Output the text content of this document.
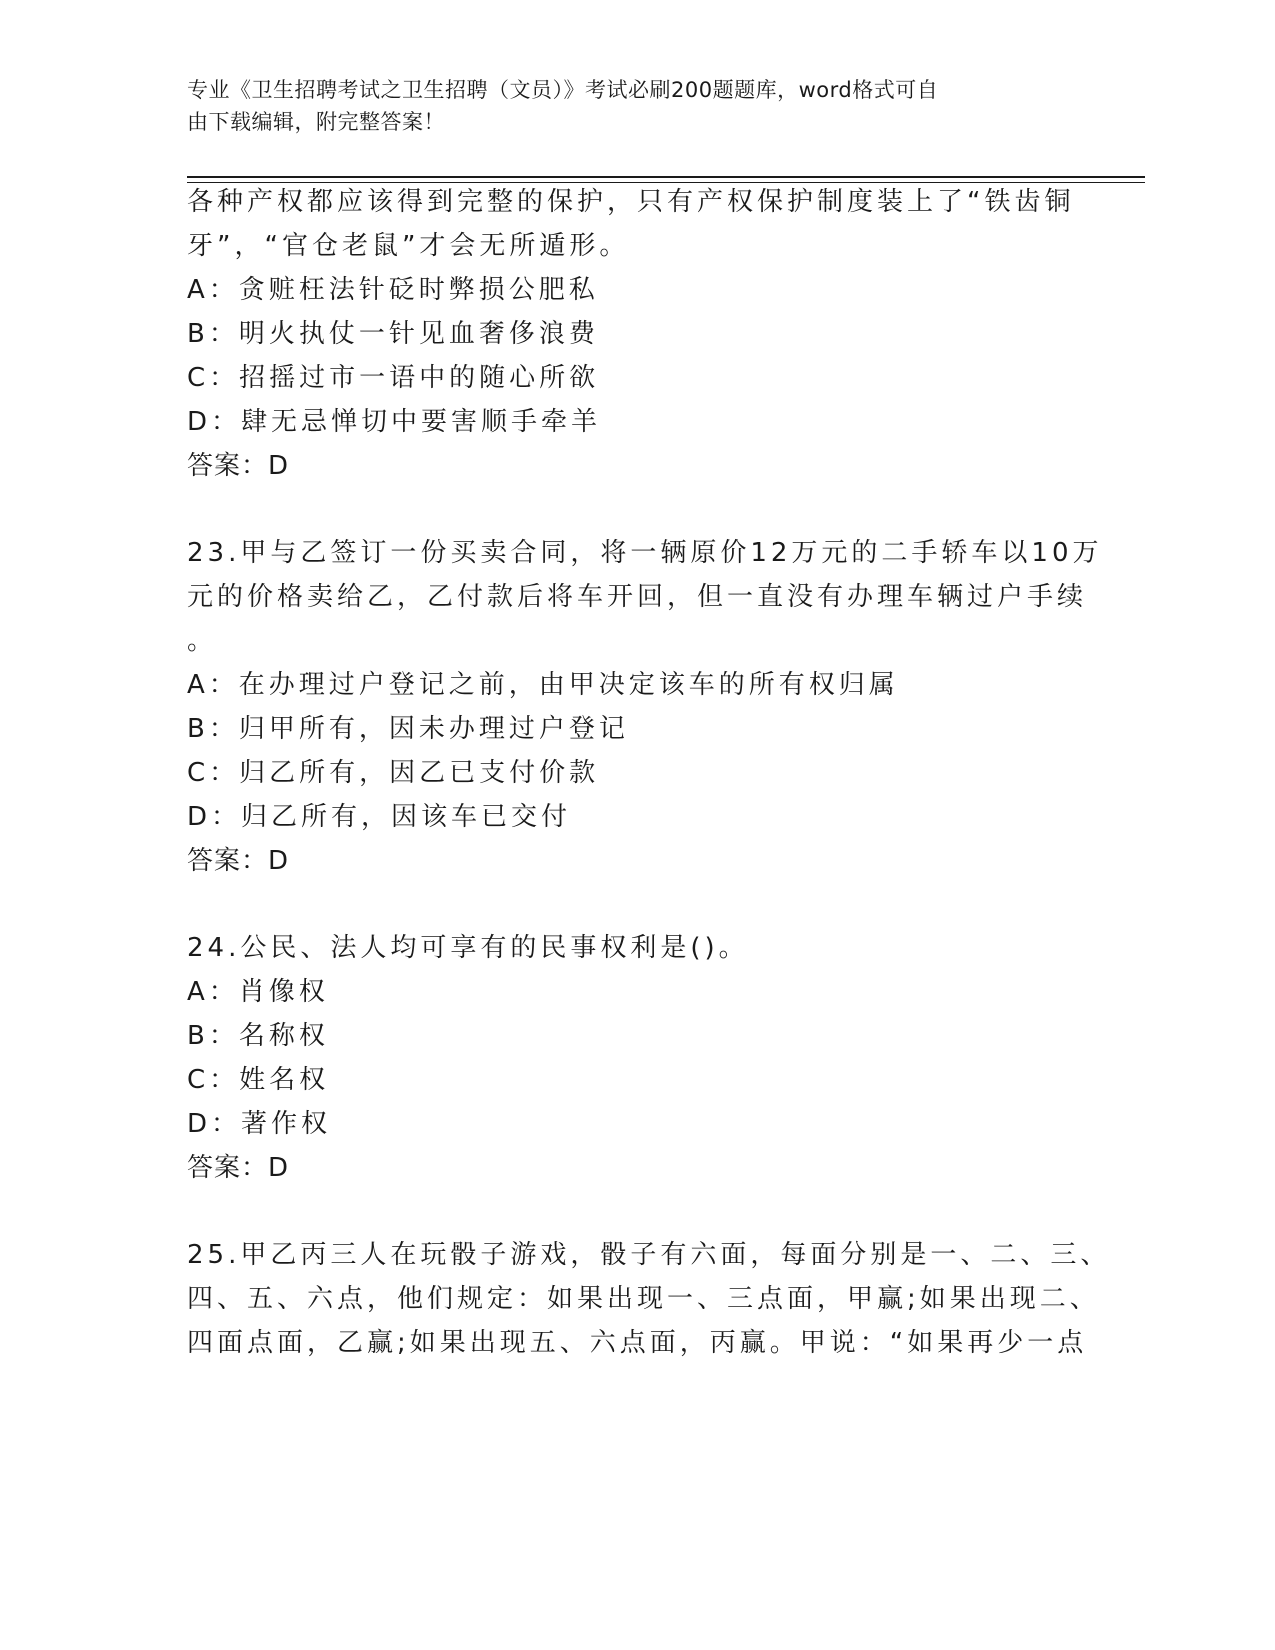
专业《卫生招聘考试之卫生招聘（文员）》考试必刷200题题库，word格式可自
由下载编辑，附完整答案！
各种产权都应该得到完整的保护，只有产权保护制度装上了“铁齿铜
牙”，“官仓老鼠”才会无所遁形。
A：贪赃枉法针砭时弊损公肥私
B：明火执仗一针见血奢侈浪费
C：招摇过市一语中的随心所欲
D：肆无忌惮切中要害顺手牵羊
答案：D
23.甲与乙签订一份买卖合同，将一辆原价12万元的二手轿车以10万
元的价格卖给乙，乙付款后将车开回，但一直没有办理车辆过户手续
。
A：在办理过户登记之前，由甲决定该车的所有权归属
B：归甲所有，因未办理过户登记
C：归乙所有，因乙已支付价款
D：归乙所有，因该车已交付
答案：D
24.公民、法人均可享有的民事权利是()。
A：肖像权
B：名称权
C：姓名权
D：著作权
答案：D
25.甲乙丙三人在玩骰子游戏，骰子有六面，每面分别是一、二、三、
四、五、六点，他们规定：如果出现一、三点面，甲赢;如果出现二、
四面点面，乙赢;如果出现五、六点面，丙赢。甲说：“如果再少一点
